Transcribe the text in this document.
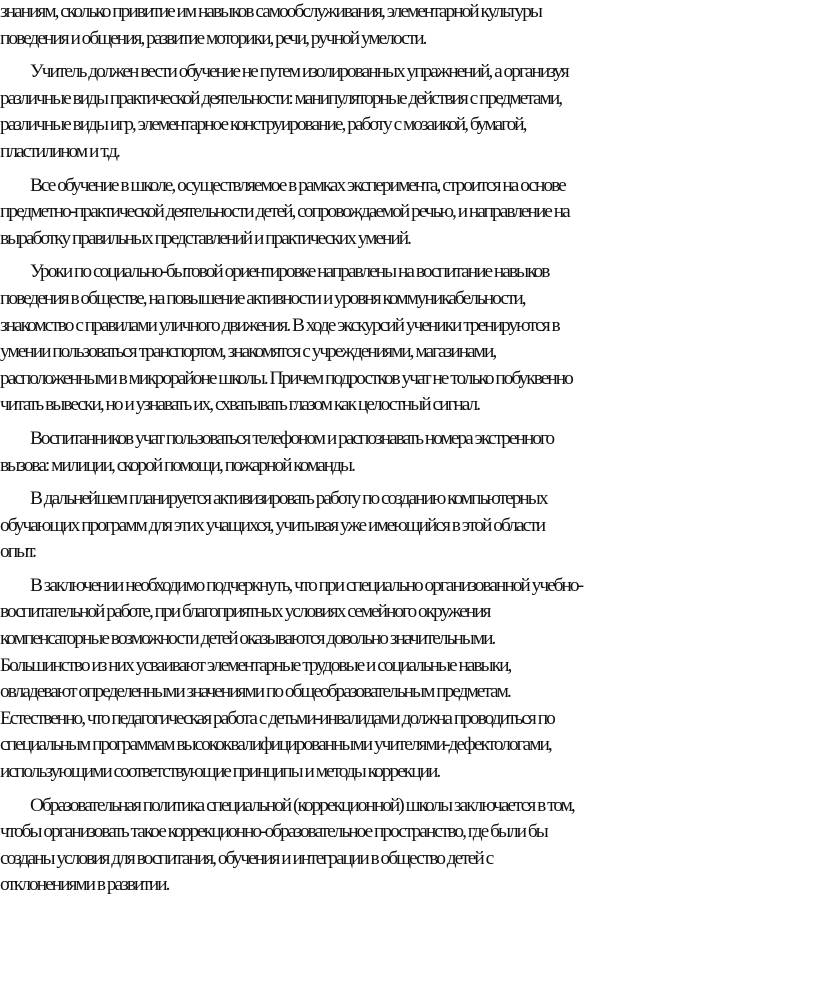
знаниям, сколько привитие им навыков самообслуживания, элементарной культуры
поведения и общения, развитие моторики, речи, ручной умелости.

Учитель должен вести обучение не путем изолированных упражнений, а организуя
различные виды практической деятельности: манипуляторные действия с предметами,
различные виды игр, элементарное конструирование, работу с мозаикой, бумагой,
пластилином и т.д.

Все обучение в школе, осуществляемое в рамках эксперимента, строится на основе
предметно-практической деятельности детей, сопровождаемой речью, и направление на
выработку правильных представлений и практических умений.

Уроки по социально-бытовой ориентировке направлены на воспитание навыков
поведения в обществе, на повышение активности и уровня коммуникабельности,
знакомство с правилами уличного движения. В ходе экскурсий ученики тренируются в
умении пользоваться транспортом, знакомятся с учреждениями, магазинами,
расположенными в микрорайоне школы. Причем подростков учат не только побуквенно
читать вывески, но и узнавать их, схватывать глазом как целостный сигнал.

Воспитанников учат пользоваться телефоном и распознавать номера экстренного
вызова: милиции, скорой помощи, пожарной команды.

В дальнейшем планируется активизировать работу по созданию компьютерных
обучающих программ для этих учащихся, учитывая уже имеющийся в этой области
опыт.

В заключении необходимо подчеркнуть, что при специально организованной учебно-
воспитательной работе, при благоприятных условиях семейного окружения
компенсаторные возможности детей оказываются довольно значительными.
Большинство из них усваивают элементарные трудовые и социальные навыки,
овладевают определенными значениями по общеобразовательным предметам.
Естественно, что педагогическая работа с детьми-инвалидами должна проводиться по
специальным программам высококвалифицированными учителями-дефектологами,
использующими соответствующие принципы и методы коррекции.

Образовательная политика специальной (коррекционной) школы заключается в том,
чтобы организовать такое коррекционно-образовательное пространство, где были бы
созданы условия для воспитания, обучения и интеграции в общество детей с
отклонениями в развитии.
